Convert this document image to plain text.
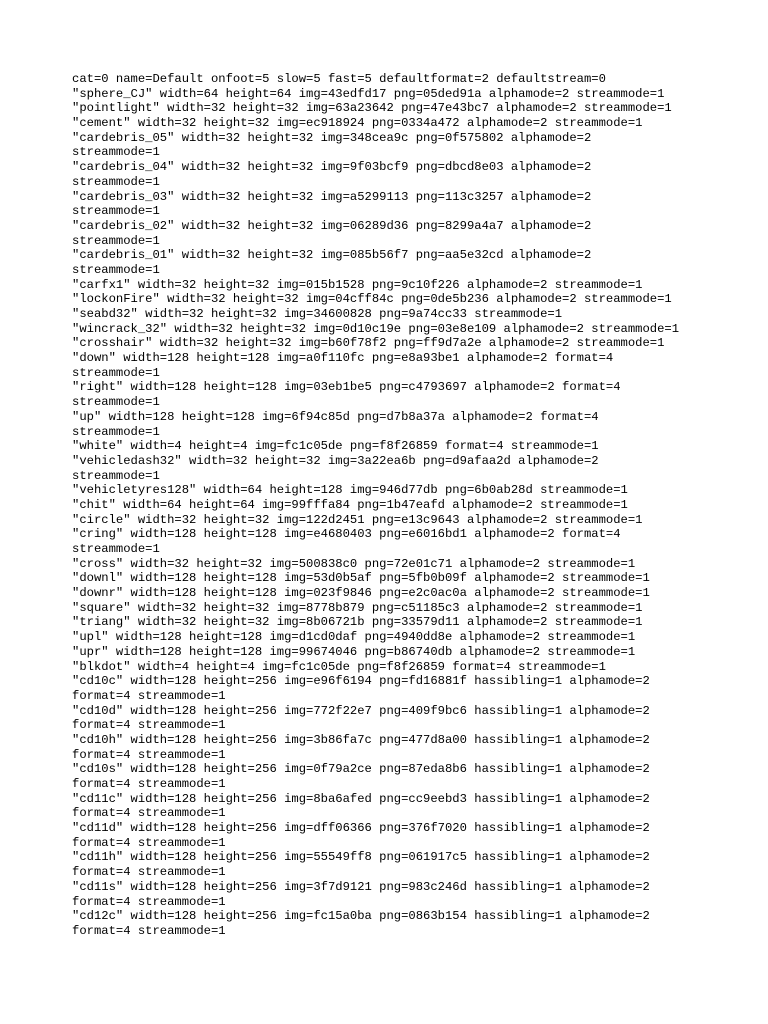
cat=0 name=Default onfoot=5 slow=5 fast=5 defaultformat=2 defaultstream=0
"sphere_CJ" width=64 height=64 img=43edfd17 png=05ded91a alphamode=2 streammode=1
"pointlight" width=32 height=32 img=63a23642 png=47e43bc7 alphamode=2 streammode=1
"cement" width=32 height=32 img=ec918924 png=0334a472 alphamode=2 streammode=1
"cardebris_05" width=32 height=32 img=348cea9c png=0f575802 alphamode=2
streammode=1
"cardebris_04" width=32 height=32 img=9f03bcf9 png=dbcd8e03 alphamode=2
streammode=1
"cardebris_03" width=32 height=32 img=a5299113 png=113c3257 alphamode=2
streammode=1
"cardebris_02" width=32 height=32 img=06289d36 png=8299a4a7 alphamode=2
streammode=1
"cardebris_01" width=32 height=32 img=085b56f7 png=aa5e32cd alphamode=2
streammode=1
"carfx1" width=32 height=32 img=015b1528 png=9c10f226 alphamode=2 streammode=1
"lockonFire" width=32 height=32 img=04cff84c png=0de5b236 alphamode=2 streammode=1
"seabd32" width=32 height=32 img=34600828 png=9a74cc33 streammode=1
"wincrack_32" width=32 height=32 img=0d10c19e png=03e8e109 alphamode=2 streammode=1
"crosshair" width=32 height=32 img=b60f78f2 png=ff9d7a2e alphamode=2 streammode=1
"down" width=128 height=128 img=a0f110fc png=e8a93be1 alphamode=2 format=4
streammode=1
"right" width=128 height=128 img=03eb1be5 png=c4793697 alphamode=2 format=4
streammode=1
"up" width=128 height=128 img=6f94c85d png=d7b8a37a alphamode=2 format=4
streammode=1
"white" width=4 height=4 img=fc1c05de png=f8f26859 format=4 streammode=1
"vehicledash32" width=32 height=32 img=3a22ea6b png=d9afaa2d alphamode=2
streammode=1
"vehicletyres128" width=64 height=128 img=946d77db png=6b0ab28d streammode=1
"chit" width=64 height=64 img=99fffa84 png=1b47eafd alphamode=2 streammode=1
"circle" width=32 height=32 img=122d2451 png=e13c9643 alphamode=2 streammode=1
"cring" width=128 height=128 img=e4680403 png=e6016bd1 alphamode=2 format=4
streammode=1
"cross" width=32 height=32 img=500838c0 png=72e01c71 alphamode=2 streammode=1
"downl" width=128 height=128 img=53d0b5af png=5fb0b09f alphamode=2 streammode=1
"downr" width=128 height=128 img=023f9846 png=e2c0ac0a alphamode=2 streammode=1
"square" width=32 height=32 img=8778b879 png=c51185c3 alphamode=2 streammode=1
"triang" width=32 height=32 img=8b06721b png=33579d11 alphamode=2 streammode=1
"upl" width=128 height=128 img=d1cd0daf png=4940dd8e alphamode=2 streammode=1
"upr" width=128 height=128 img=99674046 png=b86740db alphamode=2 streammode=1
"blkdot" width=4 height=4 img=fc1c05de png=f8f26859 format=4 streammode=1
"cd10c" width=128 height=256 img=e96f6194 png=fd16881f hassibling=1 alphamode=2
format=4 streammode=1
"cd10d" width=128 height=256 img=772f22e7 png=409f9bc6 hassibling=1 alphamode=2
format=4 streammode=1
"cd10h" width=128 height=256 img=3b86fa7c png=477d8a00 hassibling=1 alphamode=2
format=4 streammode=1
"cd10s" width=128 height=256 img=0f79a2ce png=87eda8b6 hassibling=1 alphamode=2
format=4 streammode=1
"cd11c" width=128 height=256 img=8ba6afed png=cc9eebd3 hassibling=1 alphamode=2
format=4 streammode=1
"cd11d" width=128 height=256 img=dff06366 png=376f7020 hassibling=1 alphamode=2
format=4 streammode=1
"cd11h" width=128 height=256 img=55549ff8 png=061917c5 hassibling=1 alphamode=2
format=4 streammode=1
"cd11s" width=128 height=256 img=3f7d9121 png=983c246d hassibling=1 alphamode=2
format=4 streammode=1
"cd12c" width=128 height=256 img=fc15a0ba png=0863b154 hassibling=1 alphamode=2
format=4 streammode=1
